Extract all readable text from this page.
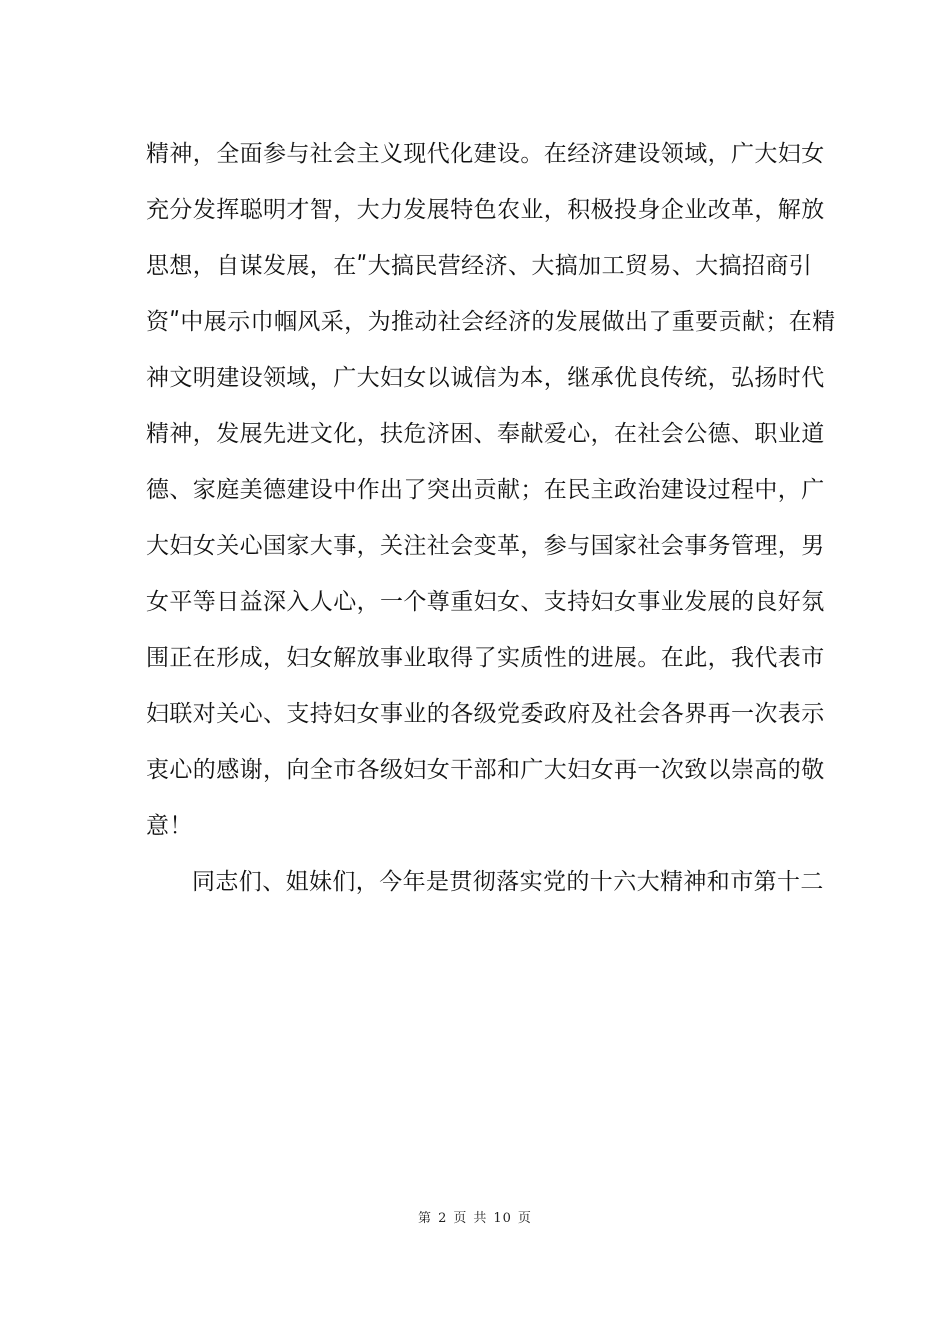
精神，全面参与社会主义现代化建设。在经济建设领域，广大妇女
充分发挥聪明才智，大力发展特色农业，积极投身企业改革，解放
思想，自谋发展，在ʺ大搞民营经济、大搞加工贸易、大搞招商引
资ʺ中展示巾帼风采，为推动社会经济的发展做出了重要贡献；在精
神文明建设领域，广大妇女以诚信为本，继承优良传统，弘扬时代
精神，发展先进文化，扶危济困、奉献爱心，在社会公德、职业道
德、家庭美德建设中作出了突出贡献；在民主政治建设过程中，广
大妇女关心国家大事，关注社会变革，参与国家社会事务管理，男
女平等日益深入人心，一个尊重妇女、支持妇女事业发展的良好氛
围正在形成，妇女解放事业取得了实质性的进展。在此，我代表市
妇联对关心、支持妇女事业的各级党委政府及社会各界再一次表示
衷心的感谢，向全市各级妇女干部和广大妇女再一次致以崇高的敬
意！
同志们、姐妹们，今年是贯彻落实党的十六大精神和市第十二
第 2 页 共 10 页
